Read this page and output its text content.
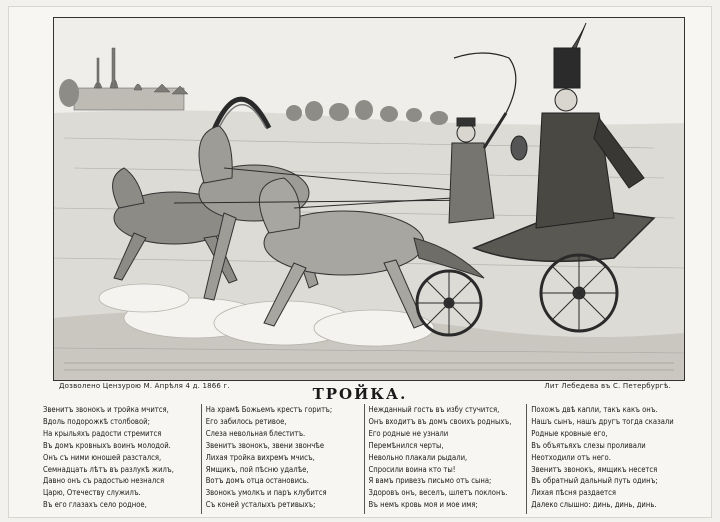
Дозволено Цензурою М. Апрѣля 4 д. 1866 г.	Лит Лебедева въ С. Петербургѣ.
ТРОЙКА.
Звенитъ звонокъ и тройка мчится,
Вдоль подорожкѣ столбовой;
На крыльяхъ радости стремится
Въ домъ кровныхъ воинъ молодой.
Онъ съ ними юношей разстался,
Семнадцать лѣтъ въ разлукѣ жилъ,
Давно онъ съ радостью незнался
Царю, Отечеству служилъ.
Въ его глазахъ село родное,
На храмѣ Божьемъ крестъ горитъ;
Его забилось ретивое,
Слеза невольная блеститъ.
Звенитъ звонокъ, звени звончѣе
Лихая тройка вихремъ мчисъ,
Ямщикъ, пой пѣсню удалѣе,
Вотъ домъ отца остановись.
Звонокъ умолкъ и паръ клубится
Съ коней усталыхъ ретивыхъ;
Нежданный гость въ избу стучится,
Онъ входитъ въ домъ своихъ родныхъ,
Его родные не узнали
Перемѣнился черты,
Невольно плакали рыдали,
Спросили воина кто ты!
Я вамъ привезъ письмо отъ сына;
Здоровъ онъ, веселъ, шлетъ поклонъ.
Въ немъ кровь моя и мое имя;
Похожъ двѣ капли, такъ какъ онъ.
Нашъ сынъ, нашъ другъ тогда сказали
Родные кровные его,
Въ объятьяхъ слезы проливали
Неотходили отъ него.
Звенитъ звонокъ, ямщикъ несется
Въ обратный дальный путь одинъ;
Лихая пѣсня раздается
Далеко слышно: динь, динь, динь.
